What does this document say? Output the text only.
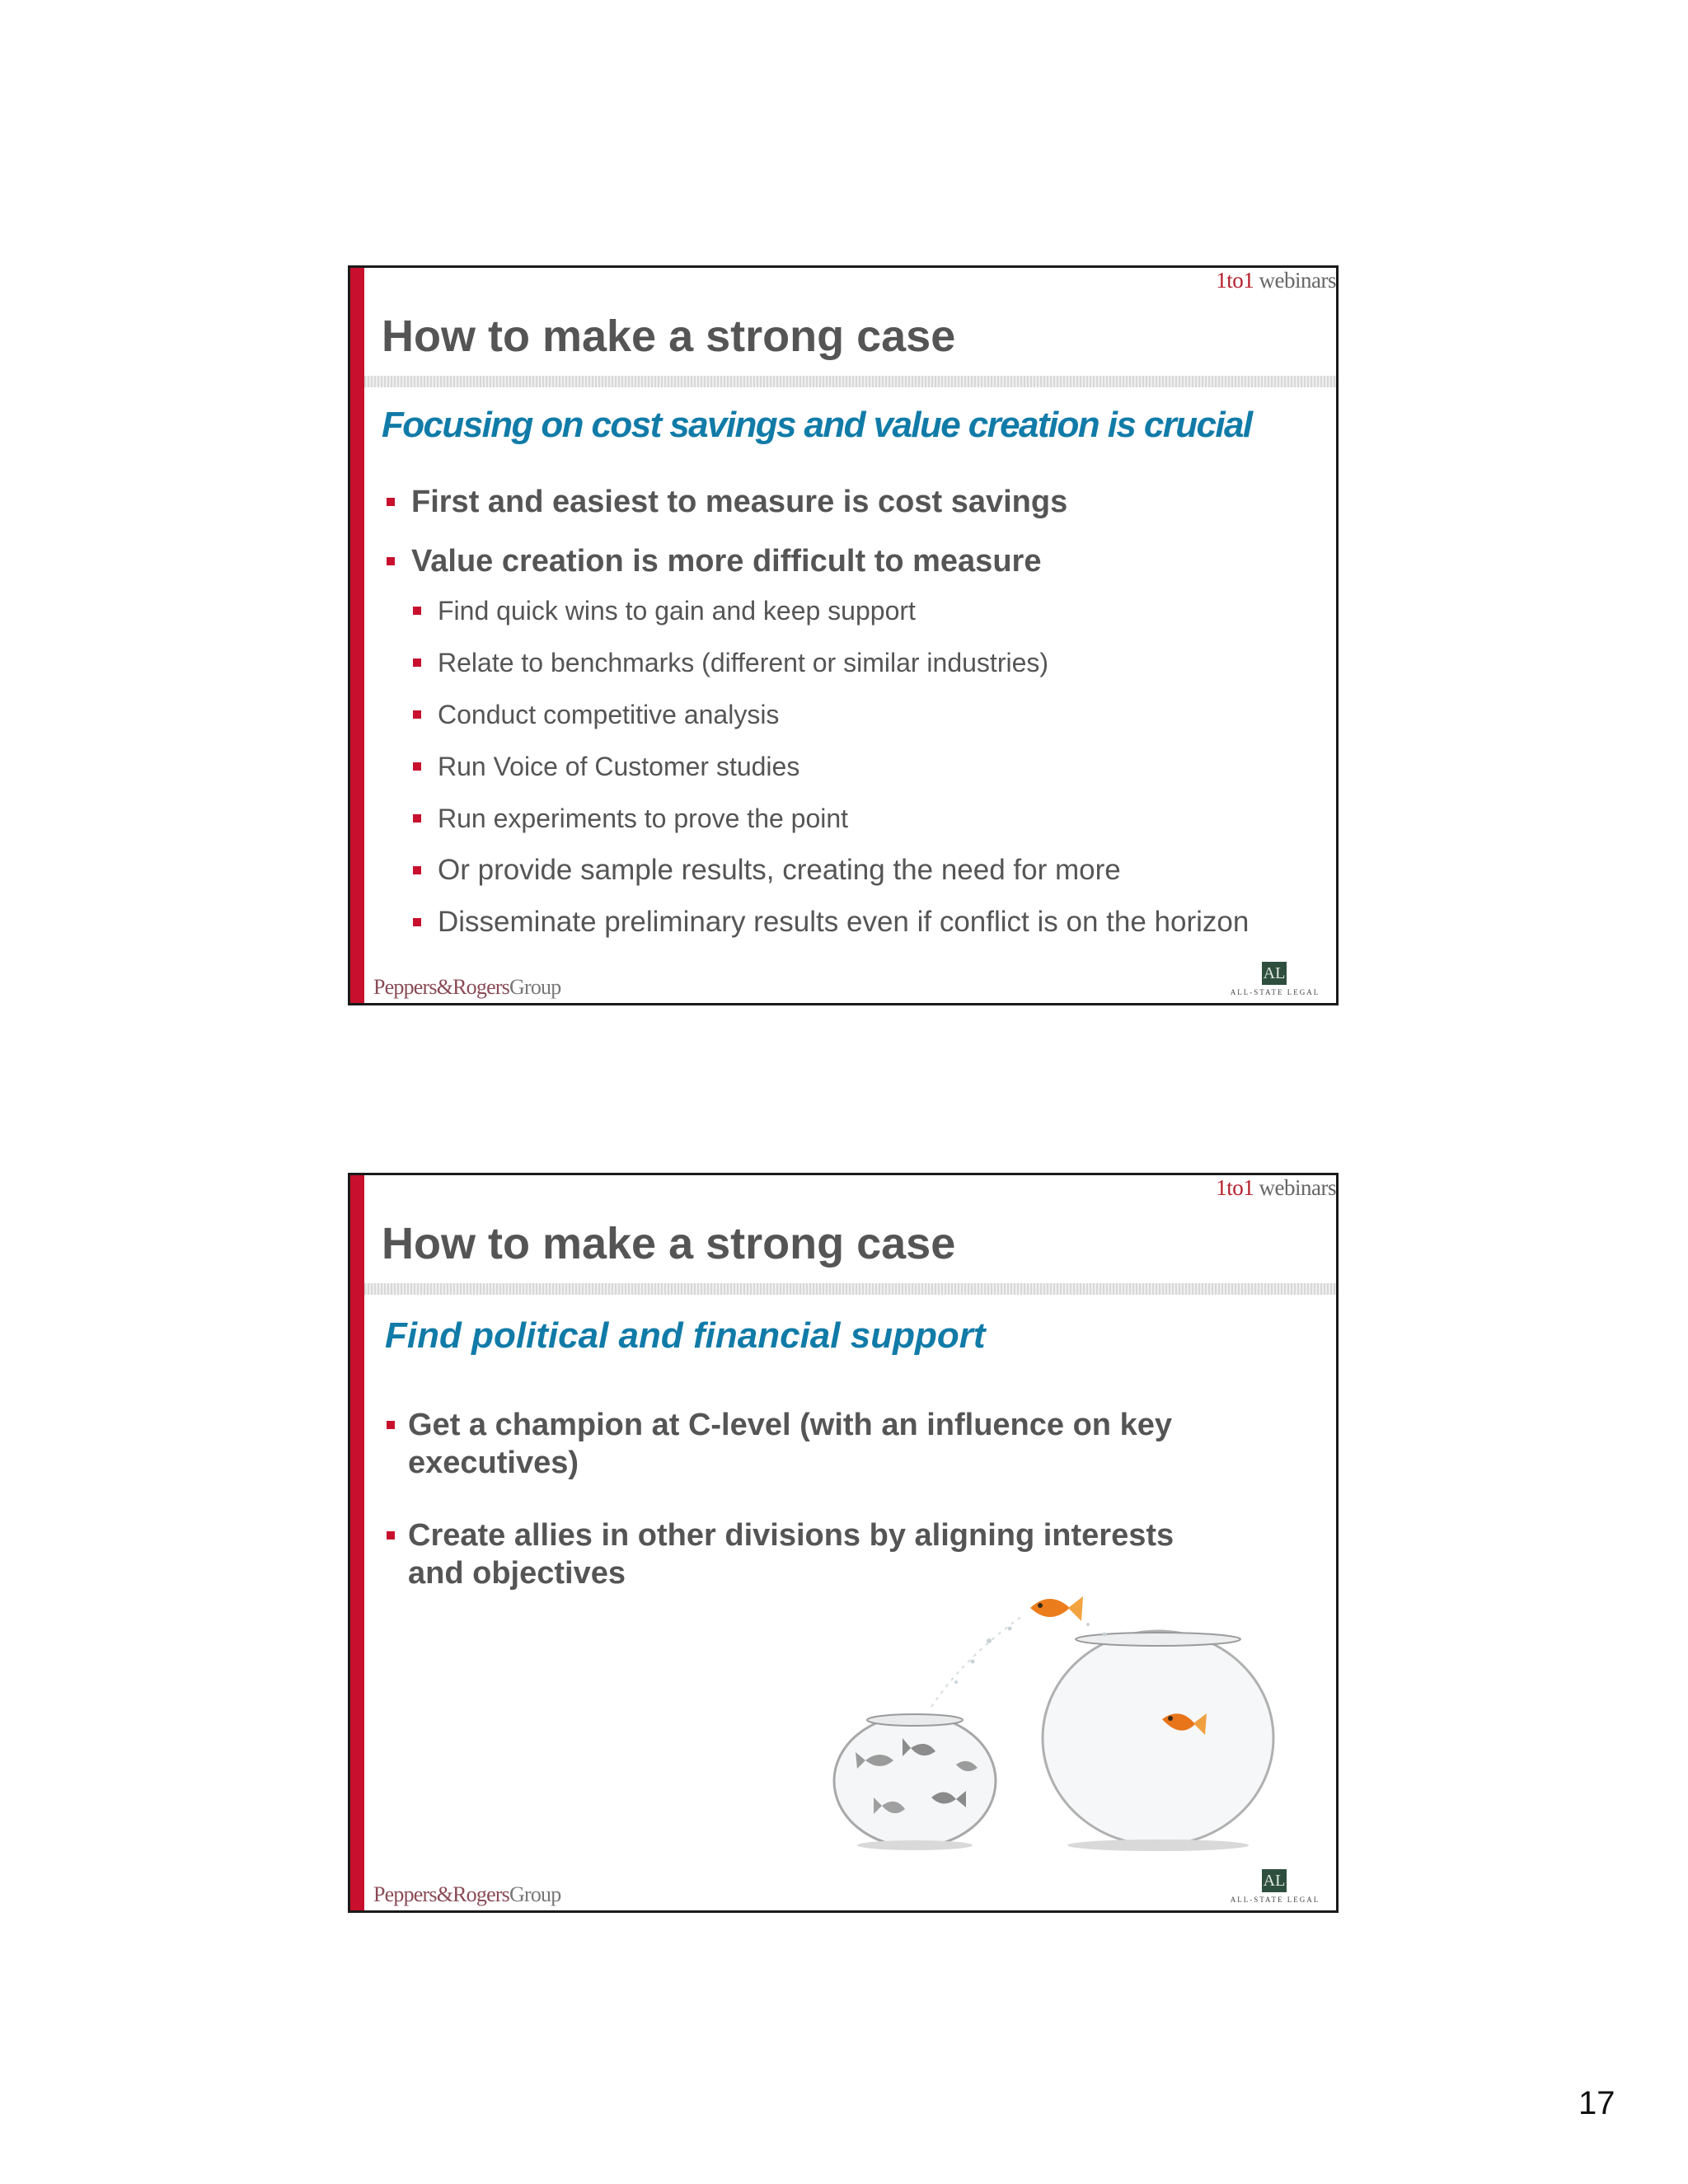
1to1 webinars
How to make a strong case
Focusing on cost savings and value creation is crucial
First and easiest to measure is cost savings
Value creation is more difficult to measure
Find quick wins to gain and keep support
Relate to benchmarks (different or similar industries)
Conduct competitive analysis
Run Voice of Customer studies
Run experiments to prove the point
Or provide sample results, creating the need for more
Disseminate preliminary results even if conflict is on the horizon
Peppers&RogersGroup
AL
ALL-STATE LEGAL
1to1 webinars
How to make a strong case
Find political and financial support
Get a champion at C-level (with an influence on key executives)
Create allies in other divisions by aligning interests and objectives
Peppers&RogersGroup
AL
ALL-STATE LEGAL
17
